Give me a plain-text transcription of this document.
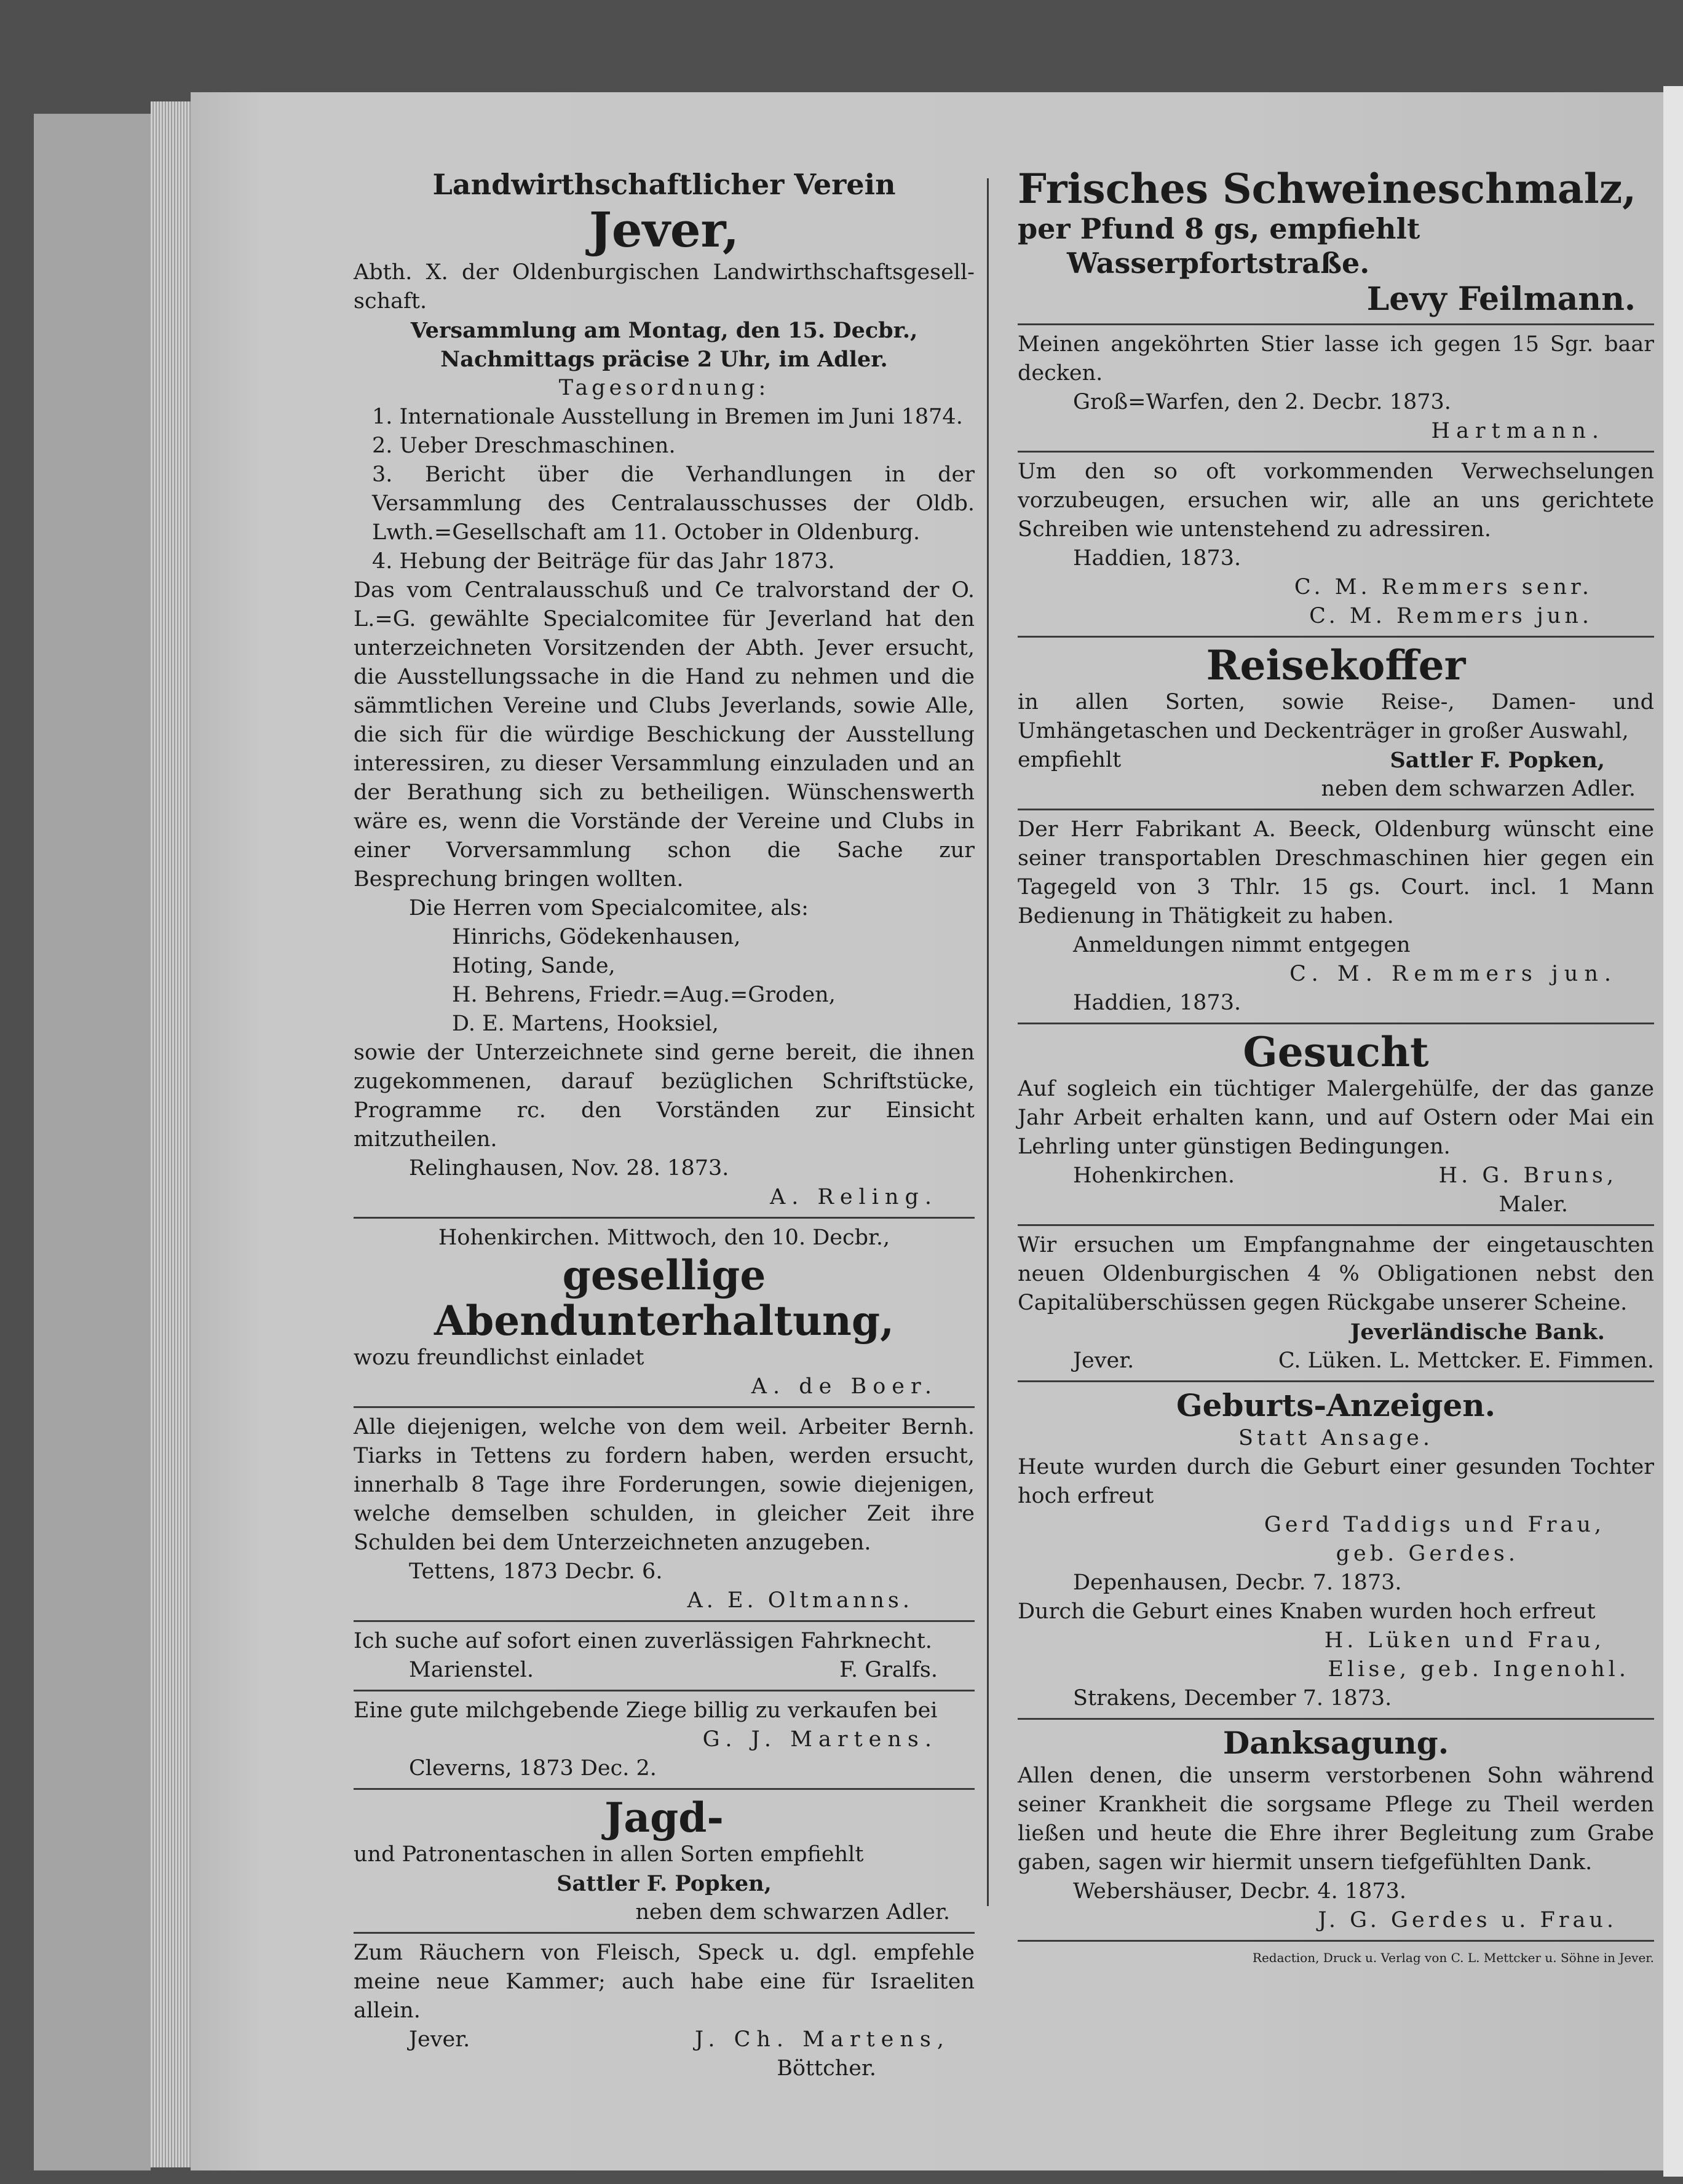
Landwirthschaftlicher Verein
Jever,
Abth. X. der Oldenburgischen Landwirthschaftsgesell-schaft.
Versammlung am Montag, den 15. Decbr.,
Nachmittags präcise 2 Uhr, im Adler.
Tagesordnung:
1. Internationale Ausstellung in Bremen im Juni 1874.
2. Ueber Dreschmaschinen.
3. Bericht über die Verhandlungen in der Versammlung des Centralausschusses der Oldb. Lwth.=Gesellschaft am 11. October in Oldenburg.
4. Hebung der Beiträge für das Jahr 1873.
Das vom Centralausschuß und Ce tralvorstand der O. L.=G. gewählte Specialcomitee für Jeverland hat den unterzeichneten Vorsitzenden der Abth. Jever ersucht, die Ausstellungssache in die Hand zu nehmen und die sämmtlichen Vereine und Clubs Jeverlands, sowie Alle, die sich für die würdige Beschickung der Ausstellung interessiren, zu dieser Versammlung einzuladen und an der Berathung sich zu betheiligen. Wünschenswerth wäre es, wenn die Vorstände der Vereine und Clubs in einer Vorversammlung schon die Sache zur Besprechung bringen wollten.
Die Herren vom Specialcomitee, als:
Hinrichs, Gödekenhausen,
Hoting, Sande,
H. Behrens, Friedr.=Aug.=Groden,
D. E. Martens, Hooksiel,
sowie der Unterzeichnete sind gerne bereit, die ihnen zugekommenen, darauf bezüglichen Schriftstücke, Programme rc. den Vorständen zur Einsicht mitzutheilen.
Relinghausen, Nov. 28. 1873.
A. Reling.
Hohenkirchen. Mittwoch, den 10. Decbr.,
gesellige Abendunterhaltung,
wozu freundlichst einladet
A. de Boer.
Alle diejenigen, welche von dem weil. Arbeiter Bernh. Tiarks in Tettens zu fordern haben, werden ersucht, innerhalb 8 Tage ihre Forderungen, sowie diejenigen, welche demselben schulden, in gleicher Zeit ihre Schulden bei dem Unterzeichneten anzugeben.
Tettens, 1873 Decbr. 6.
A. E. Oltmanns.
Ich suche auf sofort einen zuverlässigen Fahrknecht.
Marienstel.	F. Gralfs.
Eine gute milchgebende Ziege billig zu verkaufen bei
G. J. Martens.
Cleverns, 1873 Dec. 2.
Jagd-
und Patronentaschen in allen Sorten empfiehlt
Sattler F. Popken,
neben dem schwarzen Adler.
Zum Räuchern von Fleisch, Speck u. dgl. empfehle meine neue Kammer; auch habe eine für Israeliten allein.
Jever.	J. Ch. Martens,
Böttcher.
Frisches Schweineschmalz,
per Pfund 8 gs, empfiehlt
Wasserpfortstraße.
Levy Feilmann.
Meinen angeköhrten Stier lasse ich gegen 15 Sgr. baar decken.
Groß=Warfen, den 2. Decbr. 1873.
Hartmann.
Um den so oft vorkommenden Verwechselungen vorzubeugen, ersuchen wir, alle an uns gerichtete Schreiben wie untenstehend zu adressiren.
Haddien, 1873.
C. M. Remmers senr.
C. M. Remmers jun.
Reisekoffer
in allen Sorten, sowie Reise-, Damen- und Umhängetaschen und Deckenträger in großer Auswahl,
empfiehlt	Sattler F. Popken,
neben dem schwarzen Adler.
Der Herr Fabrikant A. Beeck, Oldenburg wünscht eine seiner transportablen Dreschmaschinen hier gegen ein Tagegeld von 3 Thlr. 15 gs. Court. incl. 1 Mann Bedienung in Thätigkeit zu haben.
Anmeldungen nimmt entgegen
C. M. Remmers jun.
Haddien, 1873.
Gesucht
Auf sogleich ein tüchtiger Malergehülfe, der das ganze Jahr Arbeit erhalten kann, und auf Ostern oder Mai ein Lehrling unter günstigen Bedingungen.
Hohenkirchen.	H. G. Bruns,
Maler.
Wir ersuchen um Empfangnahme der eingetauschten neuen Oldenburgischen 4 % Obligationen nebst den Capitalüberschüssen gegen Rückgabe unserer Scheine.
Jeverländische Bank.
Jever.	C. Lüken. L. Mettcker. E. Fimmen.
Geburts-Anzeigen.
Statt Ansage.
Heute wurden durch die Geburt einer gesunden Tochter hoch erfreut
Gerd Taddigs und Frau,
geb. Gerdes.
Depenhausen, Decbr. 7. 1873.
Durch die Geburt eines Knaben wurden hoch erfreut
H. Lüken und Frau,
Elise, geb. Ingenohl.
Strakens, December 7. 1873.
Danksagung.
Allen denen, die unserm verstorbenen Sohn während seiner Krankheit die sorgsame Pflege zu Theil werden ließen und heute die Ehre ihrer Begleitung zum Grabe gaben, sagen wir hiermit unsern tiefgefühlten Dank.
Webershäuser, Decbr. 4. 1873.
J. G. Gerdes u. Frau.
Redaction, Druck u. Verlag von C. L. Mettcker u. Söhne in Jever.
